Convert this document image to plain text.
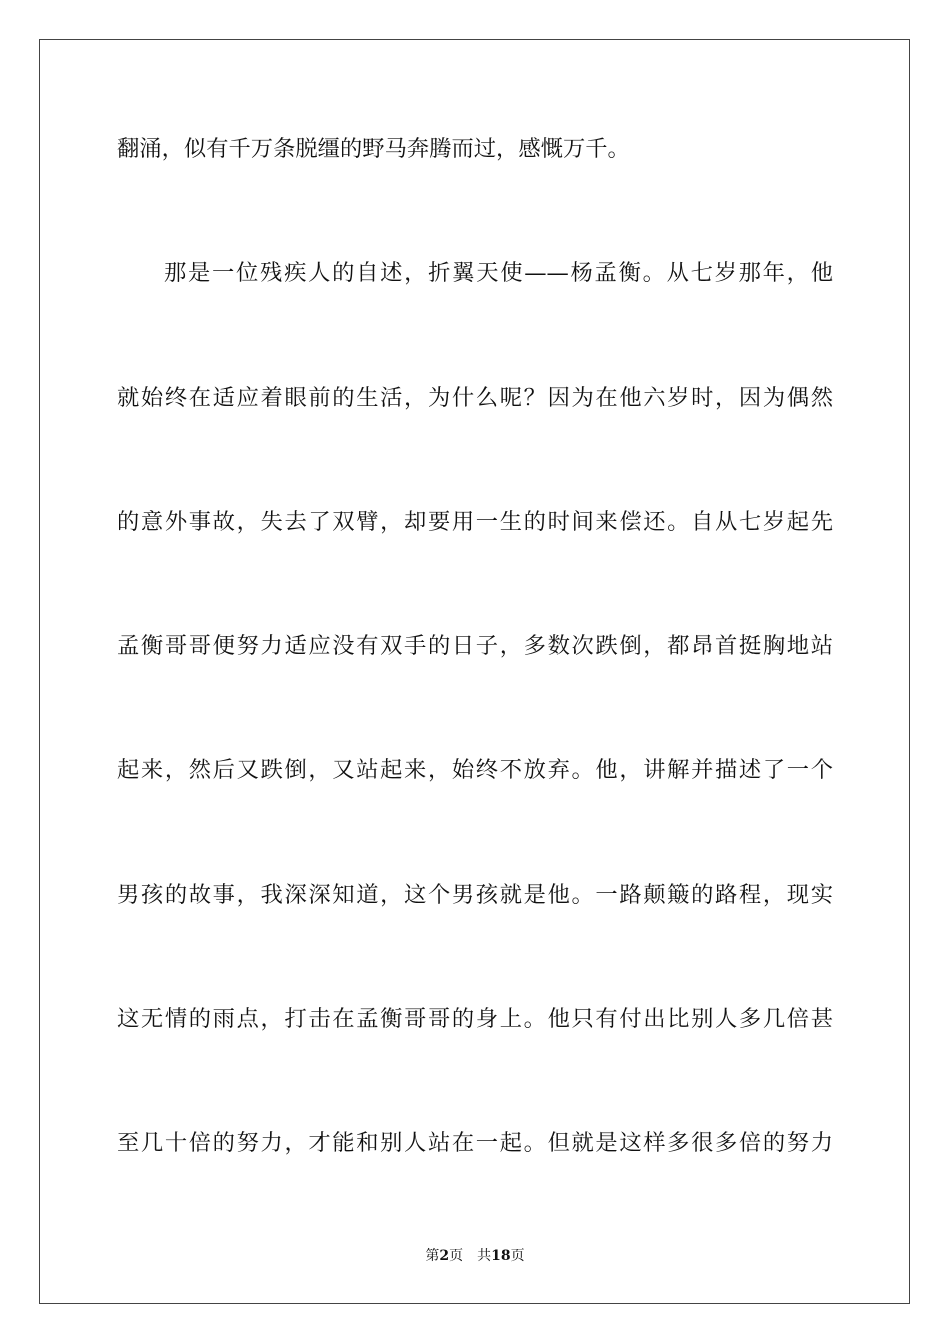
翻涌，似有千万条脱缰的野马奔腾而过，感慨万千。
那是一位残疾人的自述，折翼天使——杨孟衡。从七岁那年，他
就始终在适应着眼前的生活，为什么呢？因为在他六岁时，因为偶然
的意外事故，失去了双臂，却要用一生的时间来偿还。自从七岁起先
孟衡哥哥便努力适应没有双手的日子，多数次跌倒，都昂首挺胸地站
起来，然后又跌倒，又站起来，始终不放弃。他，讲解并描述了一个
男孩的故事，我深深知道，这个男孩就是他。一路颠簸的路程，现实
这无情的雨点，打击在孟衡哥哥的身上。他只有付出比别人多几倍甚
至几十倍的努力，才能和别人站在一起。但就是这样多很多倍的努力
第2页 共18页
